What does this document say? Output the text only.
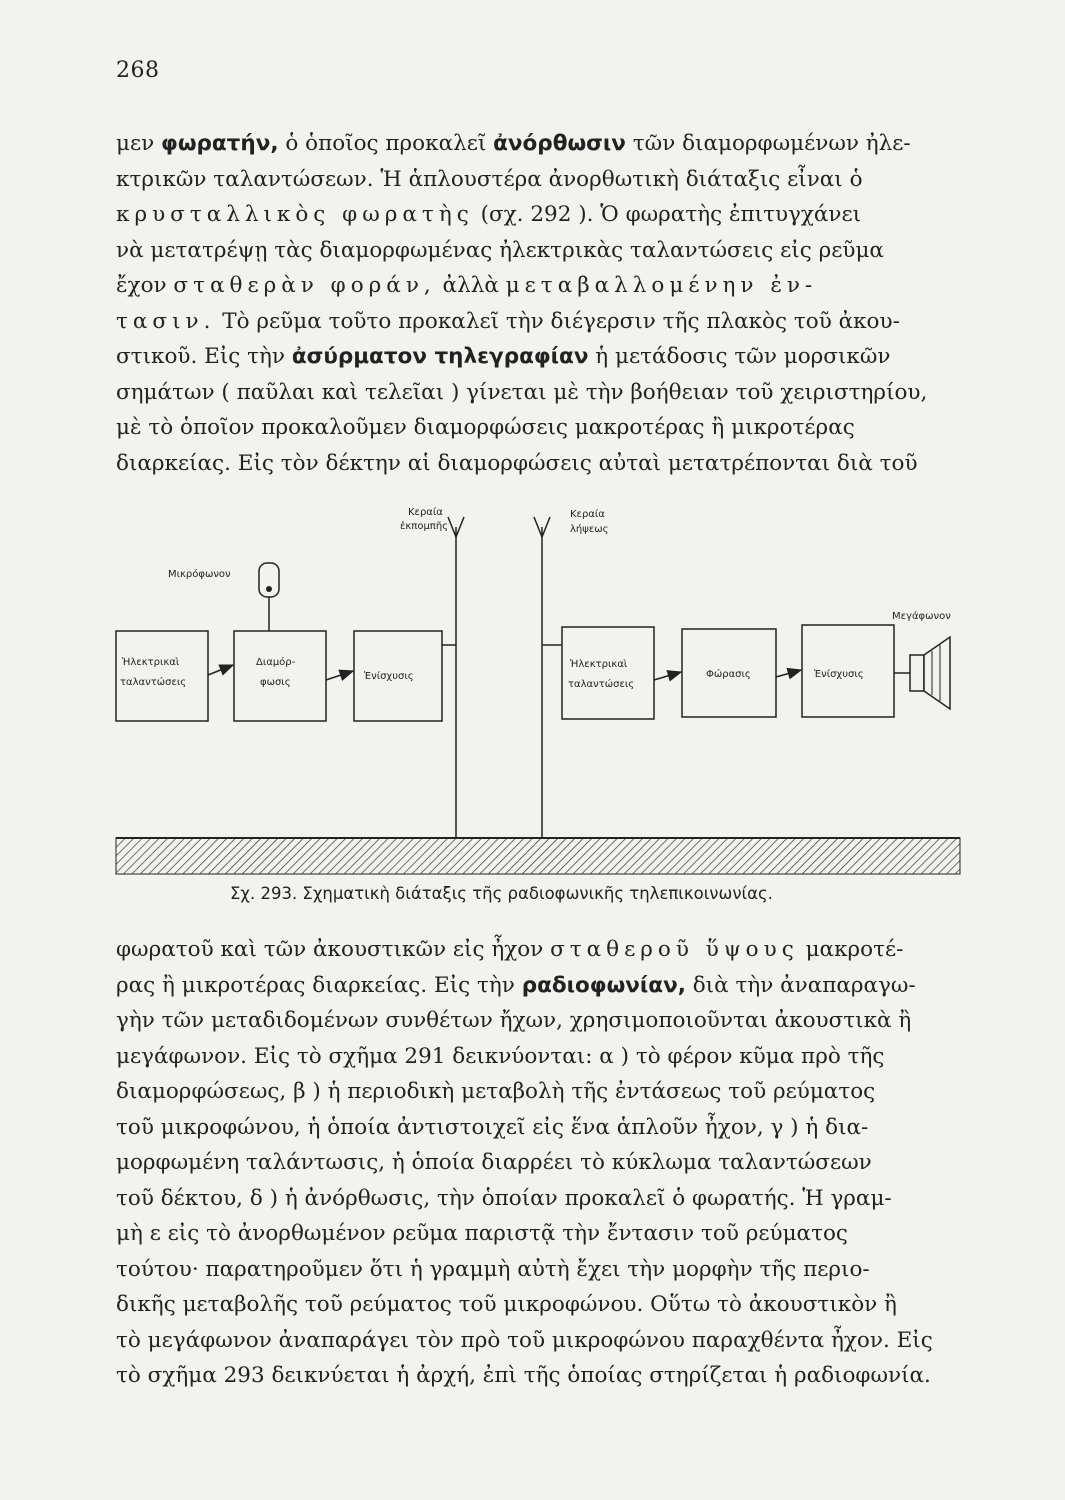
268
μεν φωρατήν, ὁ ὁποῖος προκαλεῖ ἀνόρθωσιν τῶν διαμορφωμένων ἠλε-
κτρικῶν ταλαντώσεων. Ἡ ἁπλουστέρα ἀνορθωτικὴ διάταξις εἶναι ὁ
κρυσταλλικὸς φωρατὴς (σχ. 292 ). Ὁ φωρατὴς ἐπιτυγχάνει
νὰ μετατρέψῃ τὰς διαμορφωμένας ἠλεκτρικὰς ταλαντώσεις εἰς ρεῦμα
ἔχον σταθερὰν φοράν, ἀλλὰ μεταβαλλομένην ἐν-
τασιν. Τὸ ρεῦμα τοῦτο προκαλεῖ τὴν διέγερσιν τῆς πλακὸς τοῦ ἀκου-
στικοῦ. Εἰς τὴν ἀσύρματον τηλεγραφίαν ἡ μετάδοσις τῶν μορσικῶν
σημάτων ( παῦλαι καὶ τελεῖαι ) γίνεται μὲ τὴν βοήθειαν τοῦ χειριστηρίου,
μὲ τὸ ὁποῖον προκαλοῦμεν διαμορφώσεις μακροτέρας ἢ μικροτέρας
διαρκείας. Εἰς τὸν δέκτην αἱ διαμορφώσεις αὐταὶ μετατρέπονται διὰ τοῦ
Κεραία
ἐκπομπῆς
Κεραία
λήψεως
Μικρόφωνον
Ἠλεκτρικαὶ
ταλαντώσεις
Διαμόρ-
φωσις
Ἐνίσχυσις
Ἠλεκτρικαὶ
ταλαντώσεις
Φώρασις	Ἐνίσχυσις
Μεγάφωνον
Σχ. 293. Σχηματικὴ διάταξις τῆς ραδιοφωνικῆς τηλεπικοινωνίας.
φωρατοῦ καὶ τῶν ἀκουστικῶν εἰς ἦχον σταθεροῦ ὕψους μακροτέ-
ρας ἢ μικροτέρας διαρκείας. Εἰς τὴν ραδιοφωνίαν, διὰ τὴν ἀναπαραγω-
γὴν τῶν μεταδιδομένων συνθέτων ἤχων, χρησιμοποιοῦνται ἀκουστικὰ ἢ
μεγάφωνον. Εἰς τὸ σχῆμα 291 δεικνύονται: α ) τὸ φέρον κῦμα πρὸ τῆς
διαμορφώσεως, β ) ἡ περιοδικὴ μεταβολὴ τῆς ἐντάσεως τοῦ ρεύματος
τοῦ μικροφώνου, ἡ ὁποία ἀντιστοιχεῖ εἰς ἕνα ἁπλοῦν ἦχον, γ ) ἡ δια-
μορφωμένη ταλάντωσις, ἡ ὁποία διαρρέει τὸ κύκλωμα ταλαντώσεων
τοῦ δέκτου, δ ) ἡ ἀνόρθωσις, τὴν ὁποίαν προκαλεῖ ὁ φωρατής. Ἡ γραμ-
μὴ ε εἰς τὸ ἀνορθωμένον ρεῦμα παριστᾷ τὴν ἔντασιν τοῦ ρεύματος
τούτου· παρατηροῦμεν ὅτι ἡ γραμμὴ αὐτὴ ἔχει τὴν μορφὴν τῆς περιο-
δικῆς μεταβολῆς τοῦ ρεύματος τοῦ μικροφώνου. Οὕτω τὸ ἀκουστικὸν ἢ
τὸ μεγάφωνον ἀναπαράγει τὸν πρὸ τοῦ μικροφώνου παραχθέντα ἦχον. Εἰς
τὸ σχῆμα 293 δεικνύεται ἡ ἀρχή, ἐπὶ τῆς ὁποίας στηρίζεται ἡ ραδιοφωνία.
